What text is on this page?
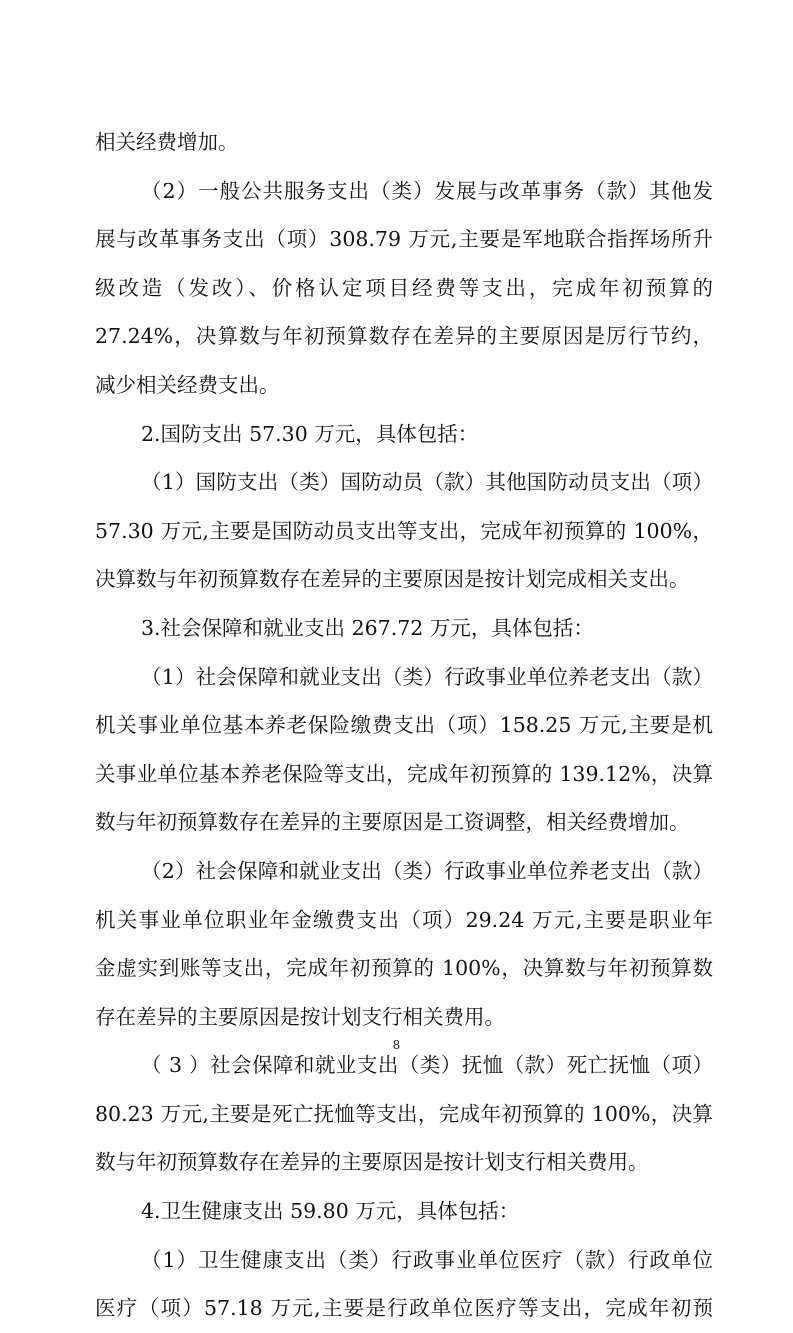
相关经费增加。
（2）一般公共服务支出（类）发展与改革事务（款）其他发
展与改革事务支出（项）308.79 万元,主要是军地联合指挥场所升
级改造（发改）、价格认定项目经费等支出，完成年初预算的
27.24%，决算数与年初预算数存在差异的主要原因是厉行节约，
减少相关经费支出。
2.国防支出 57.30 万元，具体包括：
（1）国防支出（类）国防动员（款）其他国防动员支出（项）
57.30 万元,主要是国防动员支出等支出，完成年初预算的 100%，
决算数与年初预算数存在差异的主要原因是按计划完成相关支出。
3.社会保障和就业支出 267.72 万元，具体包括：
（1）社会保障和就业支出（类）行政事业单位养老支出（款）
机关事业单位基本养老保险缴费支出（项）158.25 万元,主要是机
关事业单位基本养老保险等支出，完成年初预算的 139.12%，决算
数与年初预算数存在差异的主要原因是工资调整，相关经费增加。
（2）社会保障和就业支出（类）行政事业单位养老支出（款）
机关事业单位职业年金缴费支出（项）29.24 万元,主要是职业年
金虚实到账等支出，完成年初预算的 100%，决算数与年初预算数
存在差异的主要原因是按计划支行相关费用。
（ 3 ）社会保障和就业支出（类）抚恤（款）死亡抚恤（项）
80.23 万元,主要是死亡抚恤等支出，完成年初预算的 100%，决算
数与年初预算数存在差异的主要原因是按计划支行相关费用。
4.卫生健康支出 59.80 万元，具体包括：
（1）卫生健康支出（类）行政事业单位医疗（款）行政单位
医疗（项）57.18 万元,主要是行政单位医疗等支出，完成年初预
8
